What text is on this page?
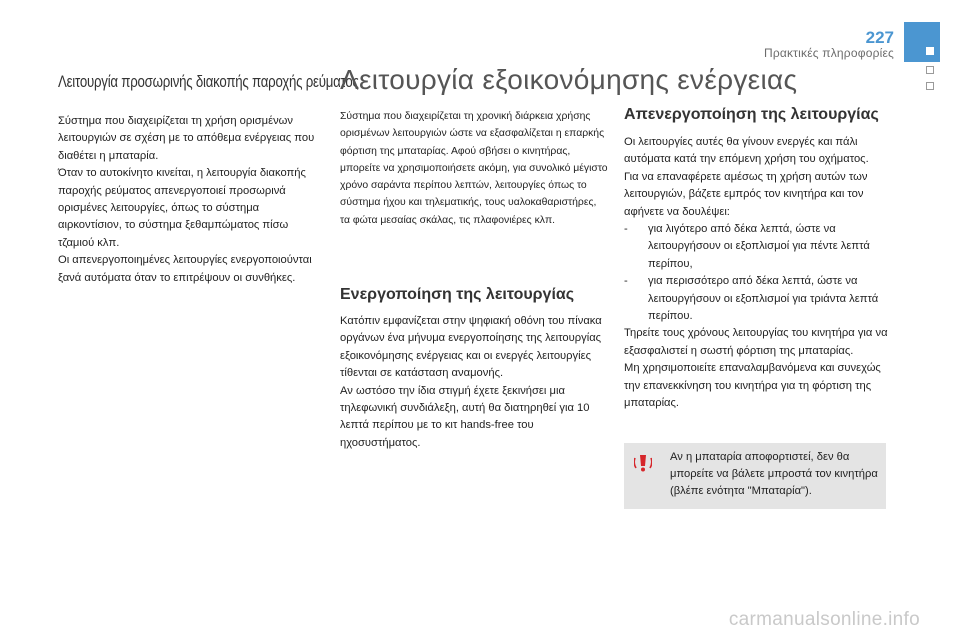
227
Πρακτικές πληροφορίες
Λειτουργία προσωρινής διακοπής παροχής ρεύματος

Σύστημα που διαχειρίζεται τη χρήση ορισμένων λειτουργιών σε σχέση με το απόθεμα ενέργειας που διαθέτει η μπαταρία.

Όταν το αυτοκίνητο κινείται, η λειτουργία διακοπής παροχής ρεύματος απενεργοποιεί προσωρινά ορισμένες λειτουργίες, όπως το σύστημα αιρκοντίσιον, το σύστημα ξεθαμπώματος πίσω τζαμιού κλπ.

Οι απενεργοποιημένες λειτουργίες ενεργοποιούνται ξανά αυτόματα όταν το επιτρέψουν οι συνθήκες.

Λειτουργία εξοικονόμησης ενέργειας

Σύστημα που διαχειρίζεται τη χρονική διάρκεια χρήσης ορισμένων λειτουργιών ώστε να εξασφαλίζεται η επαρκής φόρτιση της μπαταρίας. Αφού σβήσει ο κινητήρας, μπορείτε να χρησιμοποιήσετε ακόμη, για συνολικό μέγιστο χρόνο σαράντα περίπου λεπτών, λειτουργίες όπως το σύστημα ήχου και τηλεματικής, τους υαλοκαθαριστήρες, τα φώτα μεσαίας σκάλας, τις πλαφονιέρες κλπ.

Ενεργοποίηση της λειτουργίας

Κατόπιν εμφανίζεται στην ψηφιακή οθόνη του πίνακα οργάνων ένα μήνυμα ενεργοποίησης της λειτουργίας εξοικονόμησης ενέργειας και οι ενεργές λειτουργίες τίθενται σε κατάσταση αναμονής.

Αν ωστόσο την ίδια στιγμή έχετε ξεκινήσει μια τηλεφωνική συνδιάλεξη, αυτή θα διατηρηθεί για 10 λεπτά περίπου με το κιτ hands-free του ηχοσυστήματος.

Απενεργοποίηση της λειτουργίας

Οι λειτουργίες αυτές θα γίνουν ενεργές και πάλι αυτόματα κατά την επόμενη χρήση του οχήματος.

Για να επαναφέρετε αμέσως τη χρήση αυτών των λειτουργιών, βάζετε εμπρός τον κινητήρα και τον αφήνετε να δουλέψει:

- για λιγότερο από δέκα λεπτά, ώστε να λειτουργήσουν οι εξοπλισμοί για πέντε λεπτά περίπου,
- για περισσότερο από δέκα λεπτά, ώστε να λειτουργήσουν οι εξοπλισμοί για τριάντα λεπτά περίπου.

Τηρείτε τους χρόνους λειτουργίας του κινητήρα για να εξασφαλιστεί η σωστή φόρτιση της μπαταρίας.

Μη χρησιμοποιείτε επαναλαμβανόμενα και συνεχώς την επανεκκίνηση του κινητήρα για τη φόρτιση της μπαταρίας.

Αν η μπαταρία αποφορτιστεί, δεν θα μπορείτε να βάλετε μπροστά τον κινητήρα (βλέπε ενότητα "Μπαταρία").
carmanualsonline.info
